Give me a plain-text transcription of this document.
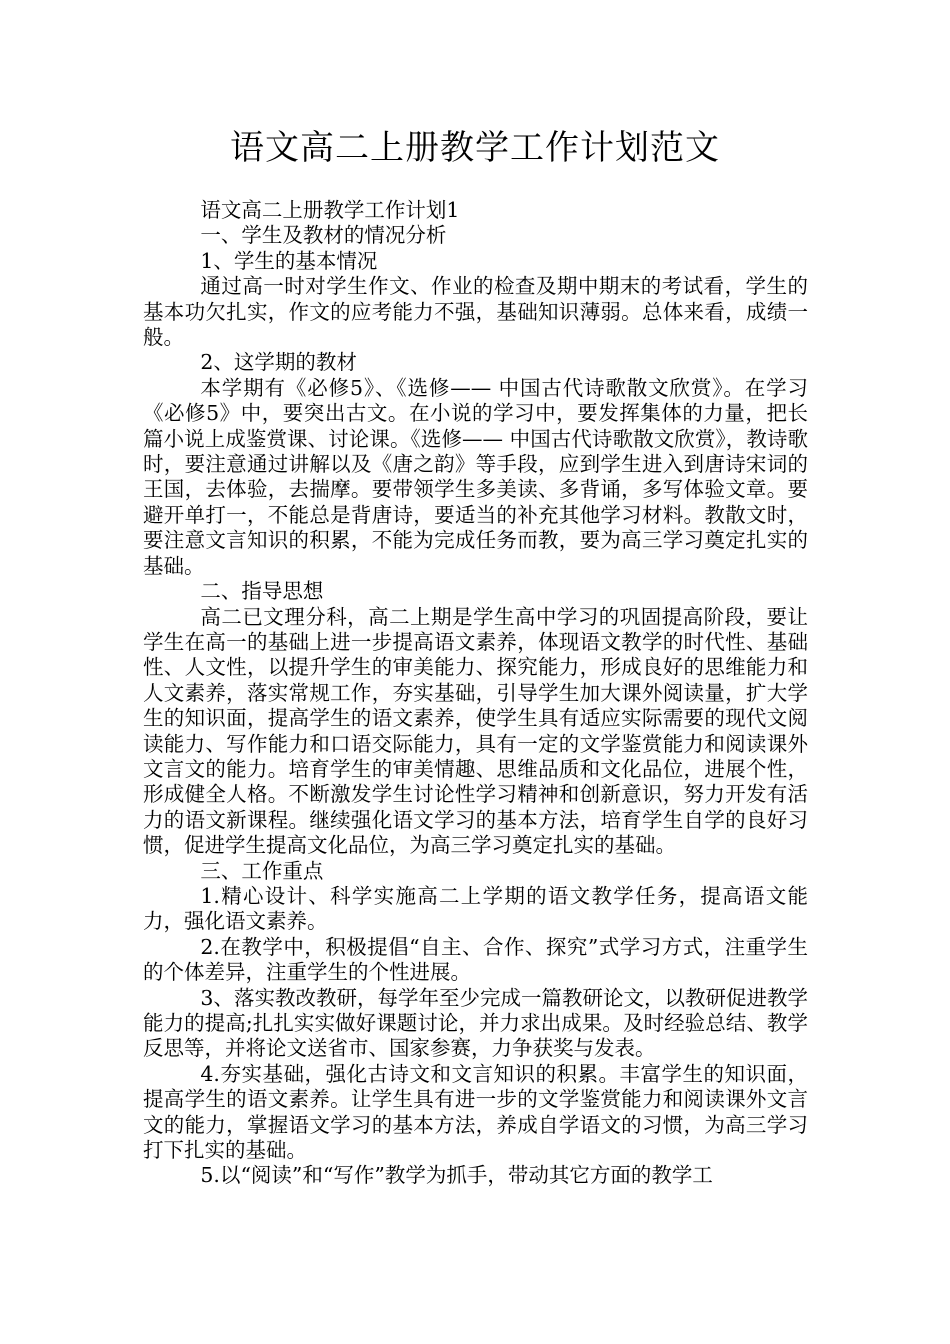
语文高二上册教学工作计划范文

语文高二上册教学工作计划1

一、学生及教材的情况分析

1、学生的基本情况

通过高一时对学生作文、作业的检查及期中期末的考试看，学生的基本功欠扎实，作文的应考能力不强，基础知识薄弱。总体来看，成绩一般。

2、这学期的教材

本学期有《必修5》、《选修—— 中国古代诗歌散文欣赏》。在学习《必修5》中，要突出古文。在小说的学习中，要发挥集体的力量，把长篇小说上成鉴赏课、讨论课。《选修—— 中国古代诗歌散文欣赏》，教诗歌时，要注意通过讲解以及《唐之韵》等手段，应到学生进入到唐诗宋词的王国，去体验，去揣摩。要带领学生多美读、多背诵，多写体验文章。要避开单打一，不能总是背唐诗，要适当的补充其他学习材料。教散文时，要注意文言知识的积累，不能为完成任务而教，要为高三学习奠定扎实的基础。

二、指导思想

高二已文理分科，高二上期是学生高中学习的巩固提高阶段，要让学生在高一的基础上进一步提高语文素养，体现语文教学的时代性、基础性、人文性，以提升学生的审美能力、探究能力，形成良好的思维能力和人文素养，落实常规工作，夯实基础，引导学生加大课外阅读量，扩大学生的知识面，提高学生的语文素养，使学生具有适应实际需要的现代文阅读能力、写作能力和口语交际能力，具有一定的文学鉴赏能力和阅读课外文言文的能力。培育学生的审美情趣、思维品质和文化品位，进展个性，形成健全人格。不断激发学生讨论性学习精神和创新意识，努力开发有活力的语文新课程。继续强化语文学习的基本方法，培育学生自学的良好习惯，促进学生提高文化品位，为高三学习奠定扎实的基础。

三、工作重点

1.精心设计、科学实施高二上学期的语文教学任务，提高语文能力，强化语文素养。

2.在教学中，积极提倡“自主、合作、探究”式学习方式，注重学生的个体差异，注重学生的个性进展。

3、落实教改教研，每学年至少完成一篇教研论文，以教研促进教学能力的提高;扎扎实实做好课题讨论，并力求出成果。及时经验总结、教学反思等，并将论文送省市、国家参赛，力争获奖与发表。

4.夯实基础，强化古诗文和文言知识的积累。丰富学生的知识面，提高学生的语文素养。让学生具有进一步的文学鉴赏能力和阅读课外文言文的能力，掌握语文学习的基本方法，养成自学语文的习惯，为高三学习打下扎实的基础。

5.以“阅读”和“写作”教学为抓手，带动其它方面的教学工
